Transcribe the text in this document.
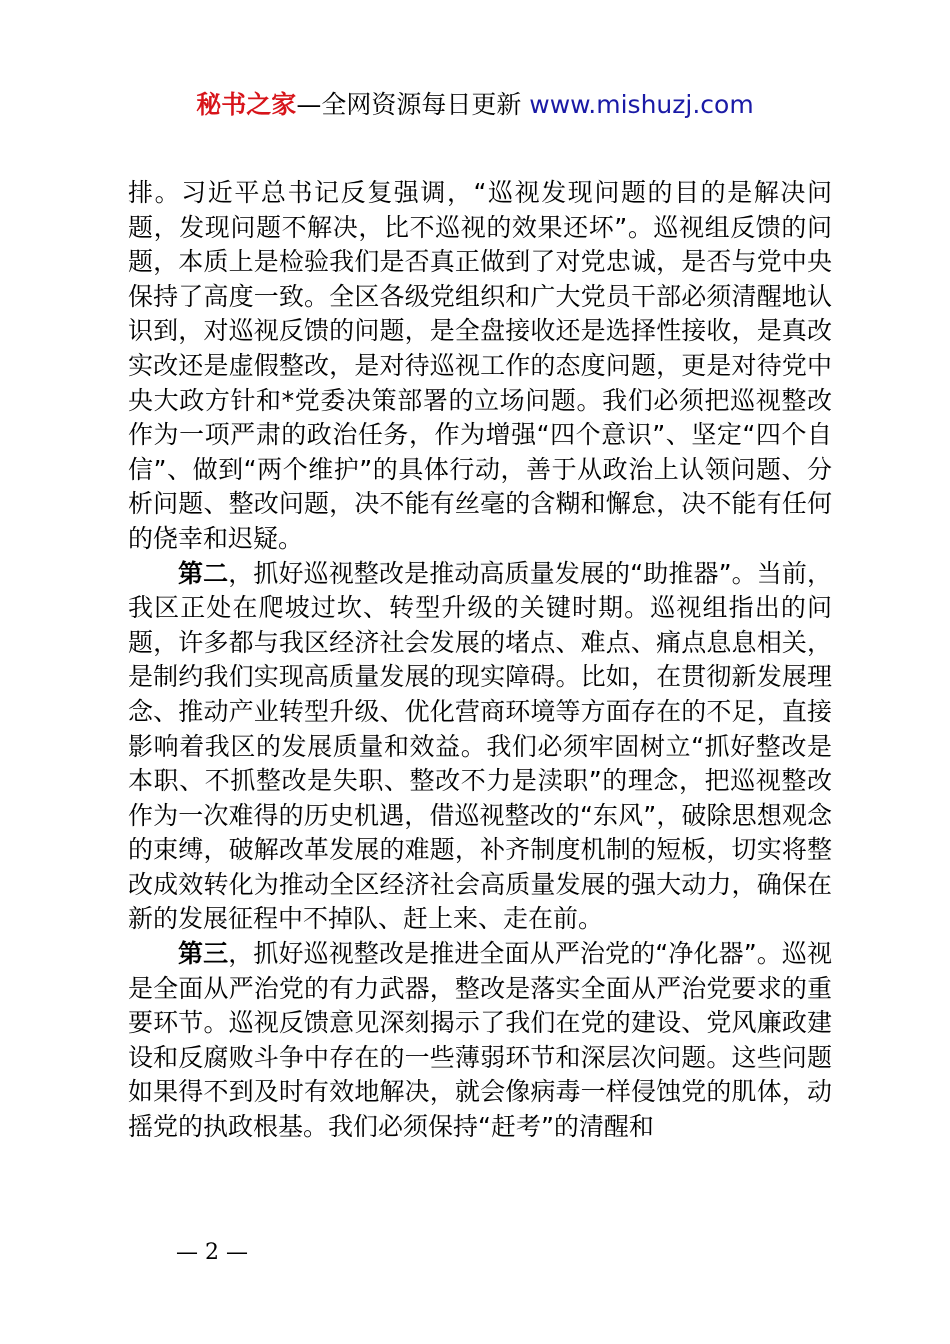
秘书之家—全网资源每日更新 www.mishuzj.com

排。习近平总书记反复强调，“巡视发现问题的目的是解决问题，发现问题不解决，比不巡视的效果还坏”。巡视组反馈的问题，本质上是检验我们是否真正做到了对党忠诚，是否与党中央保持了高度一致。全区各级党组织和广大党员干部必须清醒地认识到，对巡视反馈的问题，是全盘接收还是选择性接收，是真改实改还是虚假整改，是对待巡视工作的态度问题，更是对待党中央大政方针和*党委决策部署的立场问题。我们必须把巡视整改作为一项严肃的政治任务，作为增强“四个意识”、坚定“四个自信”、做到“两个维护”的具体行动，善于从政治上认领问题、分析问题、整改问题，决不能有丝毫的含糊和懈怠，决不能有任何的侥幸和迟疑。

第二，抓好巡视整改是推动高质量发展的“助推器”。当前，我区正处在爬坡过坎、转型升级的关键时期。巡视组指出的问题，许多都与我区经济社会发展的堵点、难点、痛点息息相关，是制约我们实现高质量发展的现实障碍。比如，在贯彻新发展理念、推动产业转型升级、优化营商环境等方面存在的不足，直接影响着我区的发展质量和效益。我们必须牢固树立“抓好整改是本职、不抓整改是失职、整改不力是渎职”的理念，把巡视整改作为一次难得的历史机遇，借巡视整改的“东风”，破除思想观念的束缚，破解改革发展的难题，补齐制度机制的短板，切实将整改成效转化为推动全区经济社会高质量发展的强大动力，确保在新的发展征程中不掉队、赶上来、走在前。

第三，抓好巡视整改是推进全面从严治党的“净化器”。巡视是全面从严治党的有力武器，整改是落实全面从严治党要求的重要环节。巡视反馈意见深刻揭示了我们在党的建设、党风廉政建设和反腐败斗争中存在的一些薄弱环节和深层次问题。这些问题如果得不到及时有效地解决，就会像病毒一样侵蚀党的肌体，动摇党的执政根基。我们必须保持“赶考”的清醒和

— 2 —
